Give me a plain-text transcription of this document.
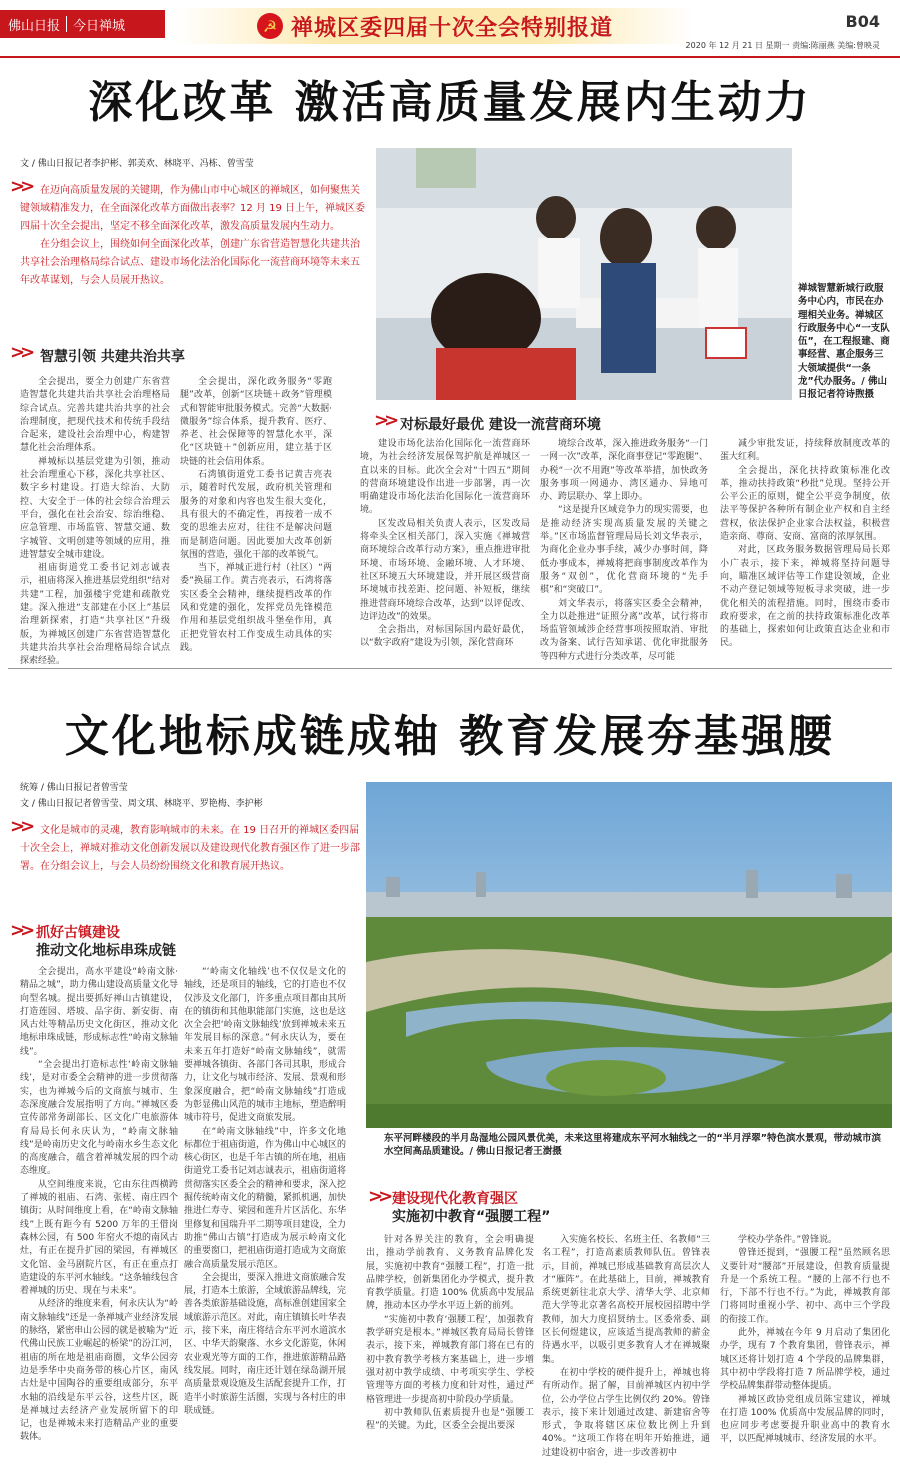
佛山日报 今日禅城	☭ 禅城区委四届十次全会特别报道	B04
2020 年 12 月 21 日 星期一 责编:陈丽燕 美编:曾映灵
深化改革 激活高质量发展内生动力
文 / 佛山日报记者李护彬、郭美欢、林晓平、冯栋、曾雪莹
>> 在迈向高质量发展的关键期，作为佛山市中心城区的禅城区，如何聚焦关键领域精准发力，在全面深化改革方面做出表率？12 月 19 日上午，禅城区委四届十次全会提出，坚定不移全面深化改革，激发高质量发展内生动力。

在分组会议上，围绕如何全面深化改革，创建广东省营造智慧化共建共治共享社会治理格局综合试点、建设市场化法治化国际化一流营商环境等未来五年改革谋划，与会人员展开热议。

禅城智慧新城行政服务中心内，市民在办理相关业务。禅城区行政服务中心“一支队伍”，在工程报建、商事经营、惠企服务三大领域提供“一条龙”代办服务。/ 佛山日报记者符诗煦摄
>> 智慧引领 共建共治共享

全会提出，要全力创建广东省营造智慧化共建共治共享社会治理格局综合试点。完善共建共治共享的社会治理制度，把现代技术和传统手段结合起来，建设社会治理中心，构建智慧化社会治理体系。

禅城标以基层党建为引领，推动社会治理重心下移，深化共享社区、数字乡村建设。打造大综治、大防控、大安全于一体的社会综合治理云平台，强化在社会治安、综治维稳、应急管理、市场监管、智慧交通、数字城管、文明创建等领域的应用，推进智慧安全城市建设。

祖庙街道党工委书记刘志诚表示，祖庙将深入推进基层党组织“结对共建”工程，加强楼宇党建和疏散党建。深入推进“支部建在小区上”基层治理新探索，打造“共享社区”升级版，为禅城区创建广东省营造智慧化共建共治共享社会治理格局综合试点探索经验。

全会提出，深化政务服务“零跑腿”改革，创新“区块链＋政务”管理模式和智能审批服务模式。完善“大数据·微服务”综合体系，提升教育、医疗、养老、社会保障等的智慧化水平，深化“区块链＋”创新应用，建立基于区块链的社会信用体系。

石湾镇街道党工委书记黄吉亮表示，随着时代发展，政府机关管理和服务的对象和内容也发生很大变化，具有很大的不确定性，再按着一成不变的思维去应对，往往不是解决问题而是制造问题。因此要加大改革创新氛围的营造，强化干部的改革锐气。

当下，禅城正进行村（社区）“两委”换届工作。黄吉亮表示，石湾将落实区委全会精神，继续提档改革的作风和党建的强化，发挥党员先锋模范作用和基层党组织战斗堡垒作用，真正把党管农村工作变成生动具体的实践。

>> 对标最好最优 建设一流营商环境

建设市场化法治化国际化一流营商环境，为社会经济发展保驾护航是禅城区一直以来的目标。此次全会对“十四五”期间的营商环境建设作出进一步部署，再一次明确建设市场化法治化国际化一流营商环境。

区发改局相关负责人表示，区发改局将牵头全区相关部门，深入实施《禅城营商环境综合改革行动方案》，重点推进审批环境、市场环境、金融环境、人才环境、社区环境五大环境建设，并开展区级营商环境城市找差距、挖问题、补短板，继续推进营商环境综合改革，达到“以评促改、边评边改”的效果。

全会指出，对标国际国内最好最优，以“数字政府”建设为引领，深化营商环

境综合改革，深入推进政务服务“一门一网一次”改革，深化商事登记“零跑腿”、办税“一次不用跑”等改革举措，加快政务服务事项一网通办、湾区通办、异地可办、跨层联办、掌上即办。

“这是提升区域竞争力的现实需要，也是推动经济实现高质量发展的关键之举。”区市场监督管理局局长刘文华表示，为商化企业办事手续，减少办事时间，降低办事成本，禅城将把商事制度改革作为服务“双创”，优化营商环境的“先手棋”和“突破口”。

刘文华表示，将落实区委全会精神，全力以赴推进“证照分离”改革，试行将市场监管领域涉企经营事项按照取消、审批改为备案、试行告知承诺、优化审批服务等四种方式进行分类改革，尽可能

减少审批发证，持续释放制度改革的蛋大红利。

全会提出，深化扶持政策标准化改革，推动扶持政策“秒批”兑现。坚持公开公平公正的原则，健全公平竞争制度，依法平等保护各种所有制企业产权和自主经营权，依法保护企业家合法权益，积极营造亲商、尊商、安商、富商的浓厚氛围。

对此，区政务服务数据管理局局长郑小广表示，接下来，禅城将坚持问题导向，瞄准区域评估等工作建设领域，企业不动产登记领域等短板寻求突破，进一步优化相关的流程措施。同时，围绕市委市政府要求，在之前的扶持政策标准化改革的基础上，探索如何让政策直达企业和市民。

文化地标成链成轴 教育发展夯基强腰
统筹 / 佛山日报记者曾雪莹
文 / 佛山日报记者曾雪莹、周文琪、林晓平、罗艳梅、李护彬
>> 文化是城市的灵魂，教育影响城市的未来。在 19 日召开的禅城区委四届十次全会上，禅城对推动文化创新发展以及建设现代化教育强区作了进一步部署。在分组会议上，与会人员纷纷围绕文化和教育展开热议。
东平河畔楼段的半月岛湿地公园风景优美，未来这里将建成东平河水轴线之一的“半月浮翠”特色滨水景观，带动城市滨水空间高品质建设。/ 佛山日报记者王澍摄
>> 抓好古镇建设
推动文化地标串珠成链

全会提出，高水平建设“岭南文脉·精品之城”，助力佛山建设高质量文化导向型名城。提出要抓好禅山古镇建设，打造莲园、塔坡、品字街、新安街、南风古灶等精品历史文化街区，推动文化地标串珠成链，形成标志性“岭南文脉轴线”。

“全会提出打造标志性‘岭南文脉轴线’，是对市委全会精神的进一步贯彻落实，也为禅城今后的文商旅与城市、生态深度融合发展指明了方向。”禅城区委宣传部常务副部长、区文化广电旅游体育局局长何永庆认为，“岭南文脉轴线”是岭南历史文化与岭南水乡生态文化的高度融合，蕴含着禅城发展的四个动态维度。

从空间维度来说，它由东往西横跨了禅城的祖庙、石湾、张槎、南庄四个镇街；从时间维度上看，在“岭南文脉轴线”上既有距今有 5200 万年的王借岗森林公园，有 500 年窑火不熄的南风古灶，有正在提升扩园的梁园，有禅城区文化馆、金马剧院片区，有正在重点打造建设的东平河水轴线。“这条轴线包含着禅城的历史、现在与未来”。

从经济的维度来看，何永庆认为“岭南文脉轴线”还是一条禅城产业经济发展的脉络，紧密串山公园的就是被喻为“近代佛山民族工业崛起的桥梁”的汾江河，祖庙的所在地是祖庙商圈，文华公园旁边是季华中央商务带的核心片区，南风古灶是中国陶谷的重要组成部分，东平水轴的沿线是东平云谷，这些片区，既是禅城过去经济产业发展所留下的印记，也是禅城未来打造精品产业的重要载体。

“‘岭南文化轴线’也不仅仅是文化的轴线，还是项目的轴线，它的打造也不仅仅涉及文化部门，许多重点项目都由其所在的镇街和其他职能部门实施，这也是这次全会把‘岭南文脉轴线’放到禅城未来五年发展目标的深意。”何永庆认为，要在未来五年打造好“岭南文脉轴线”，就需要禅城各镇街、各部门各司其职，形成合力，让文化与城市经济、发展、景观和形象深度融合，把“岭南文脉轴线”打造成为彰显佛山风范的城市主地标，塑造醉明城市符号，促进文商旅发展。

在“岭南文脉轴线”中，许多文化地标都位于祖庙街道，作为佛山中心城区的核心街区，也是千年古镇的所在地，祖庙街道党工委书记刘志诚表示，祖庙街道将贯彻落实区委全会的精神和要求，深入挖掘传统岭南文化的精髓，紧抓机遇，加快推进仁寿寺、梁园和莲升片区活化、东华里修复和国瑞升平二期等项目建设，全力助推“佛山古镇”打造成为展示岭南文化的重要窗口，把祖庙街道打造成为文商旅融合高质量发展示范区。

全会提出，要深入推进文商旅融合发展，打造本土旅游，全域旅游品牌线，完善各类旅游基础设施，高标准创建国家全域旅游示范区。对此，南庄镇镇长叶华表示，接下来，南庄将结合东平河水道滨水区、中华天韵聚落、水乡文化游览，休闲农业观光等方面的工作，推进旅游精品路线发展。同时，南庄还计划在绿岛湖开展高质量景观设施及生活配套提升工作，打造半小时旅游生活圈，实现与各村庄的串联成链。

>> 建设现代化教育强区
实施初中教育“强腰工程”

针对各界关注的教育，全会明确提出，推动学前教育、义务教育品牌化发展，实施初中教育“强腰工程”，打造一批品牌学校，创新集团化办学模式，提升教育教学质量。打造 100% 优质高中发展品牌，推动本区办学水平迈上新的前列。

“实施初中教育‘强腰工程’，加强教育教学研究是根本。”禅城区教育局局长曾锋表示，接下来，禅城教育部门将在已有的初中教育教学考核方案基础上，进一步增强对初中教学成绩、中考项实学生、学校管理等方面的考核力度和针对性，通过严格管理进一步提高初中阶段办学质量。

初中教师队伍素质提升也是“强腰工程”的关键。为此，区委全会提出要深

入实施名校长、名班主任、名教师“三名工程”，打造高素质教师队伍。曾锋表示，目前，禅城已形成基础教育高层次人才“雁阵”。在此基础上，目前，禅城教育系统更新往北京大学、清华大学、北京师范大学等北京著名高校开展校园招聘中学教师，加大力度招贤纳士。区委常委、副区长何煜建议，应该适当提高教师的薪金待遇水平，以吸引更多教育人才在禅城聚集。

在初中学校的硬件提升上，禅城也将有所动作。据了解，目前禅城区内初中学位，公办学位占学生比例仅约 20%。曾锋表示，接下来计划通过改建、新建宿舍等形式，争取将辖区床位数比例上升到 40%。“这项工作将在明年开始推进，通过建设初中宿舍，进一步改善初中

学校办学条件。”曾锋说。

曾锋还提到，“强腰工程”虽然顾名思义要针对“腰部”开展建设，但教育质量提升是一个系统工程。“腰的上部不行也不行，下部不行也不行。”为此，禅城教育部门将同时重视小学、初中、高中三个学段的衔接工作。

此外，禅城在今年 9 月启动了集团化办学，现有 7 个教育集团，曾锋表示，禅城区还将计划打造 4 个学段的品牌集群，其中初中学段将打造 7 所品牌学校，通过学校品牌集群带动整体提质。

禅城区政协党组成员陈宝建议，禅城在打造 100% 优质高中发展品牌的同时，也应同步考虑要提升职业高中的教育水平，以匹配禅城城市、经济发展的水平。
